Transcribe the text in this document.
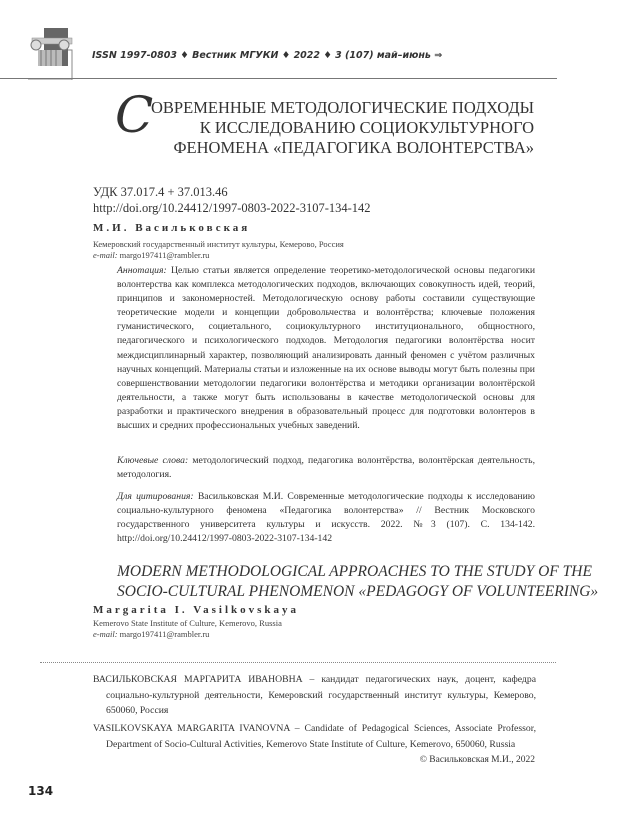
ISSN 1997-0803 ♦ Вестник МГУКИ ♦ 2022 ♦ 3 (107) май–июнь ⇒
С
ОВРЕМЕННЫЕ МЕТОДОЛОГИЧЕСКИЕ ПОДХОДЫ
К ИССЛЕДОВАНИЮ СОЦИОКУЛЬТУРНОГО
ФЕНОМЕНА «ПЕДАГОГИКА ВОЛОНТЕРСТВА»
УДК 37.017.4 + 37.013.46
http://doi.org/10.24412/1997-0803-2022-3107-134-142
М.И. Васильковская
Кемеровский государственный институт культуры, Кемерово, Россия
e-mail: margo197411@rambler.ru
Аннотация: Целью статьи является определение теоретико-методологической основы педагогики волонтерства как комплекса методологических подходов, включающих совокупность идей, теорий, принципов и закономерностей. Методологическую основу работы составили существующие теоретические модели и концепции добровольчества и волонтёрства; ключевые положения гуманистического, социетального, социокультурного институционального, общностного, педагогического и психологического подходов. Методология педагогики волонтёрства носит междисциплинарный характер, позволяющий анализировать данный феномен с учётом различных научных концепций. Материалы статьи и изложенные на их основе выводы могут быть полезны при совершенствовании методологии педагогики волонтёрства и методики организации волонтёрской деятельности, а также могут быть использованы в качестве методологической основы для разработки и практического внедрения в образовательный процесс для подготовки волонтеров в высших и средних профессиональных учебных заведений.
Ключевые слова: методологический подход, педагогика волонтёрства, волонтёрская деятельность, методология.
Для цитирования: Васильковская М.И. Современные методологические подходы к исследованию социально-культурного феномена «Педагогика волонтерства» // Вестник Московского государственного университета культуры и искусств. 2022. №3 (107). С. 134-142. http://doi.org/10.24412/1997-0803-2022-3107-134-142
MODERN METHODOLOGICAL APPROACHES TO THE STUDY OF THE
SOCIO-CULTURAL PHENOMENON «PEDAGOGY OF VOLUNTEERING»
Margarita I. Vasilkovskaya
Kemerovo State Institute of Culture, Kemerovo, Russia
e-mail: margo197411@rambler.ru
ВАСИЛЬКОВСКАЯ МАРГАРИТА ИВАНОВНА – кандидат педагогических наук, доцент, кафедра социально-культурной деятельности, Кемеровский государственный институт культуры, Кемерово, 650060, Россия
VASILKOVSKAYA MARGARITA IVANOVNA – Candidate of Pedagogical Sciences, Associate Professor, Department of Socio-Cultural Activities, Kemerovo State Institute of Culture, Kemerovo, 650060, Russia
© Васильковская М.И., 2022
134
